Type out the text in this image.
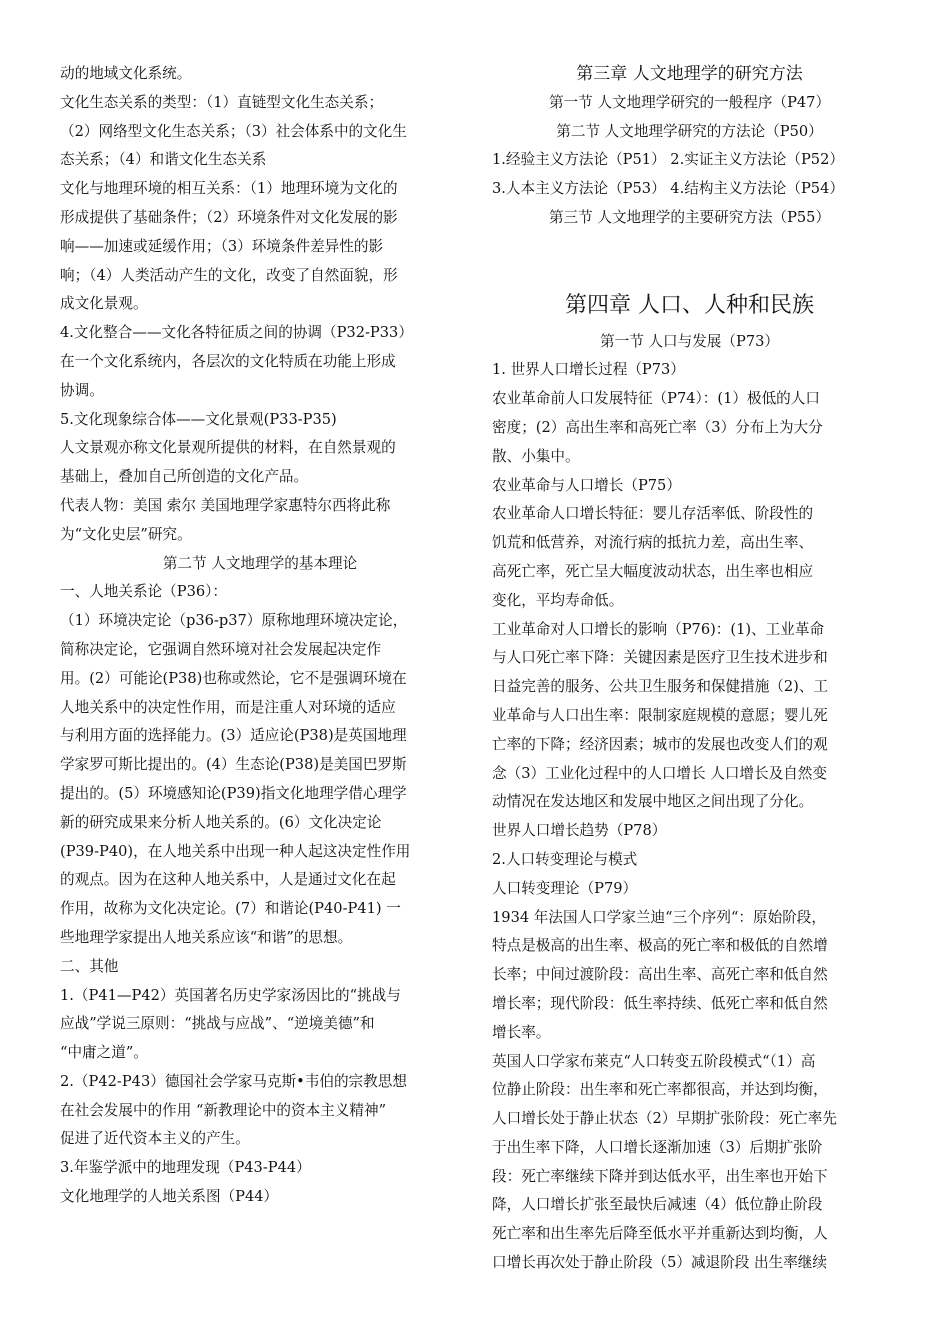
动的地域文化系统。
文化生态关系的类型：（1）直链型文化生态关系；
（2）网络型文化生态关系；（3）社会体系中的文化生
态关系；（4）和谐文化生态关系
文化与地理环境的相互关系：（1）地理环境为文化的
形成提供了基础条件；（2）环境条件对文化发展的影
响——加速或延缓作用；（3）环境条件差异性的影
响；（4）人类活动产生的文化，改变了自然面貌，形
成文化景观。
4.文化整合——文化各特征质之间的协调（P32-P33）
在一个文化系统内，各层次的文化特质在功能上形成
协调。
5.文化现象综合体——文化景观(P33-P35)
人文景观亦称文化景观所提供的材料，在自然景观的
基础上，叠加自己所创造的文化产品。
代表人物：美国 索尔 美国地理学家惠特尔西将此称
为“文化史层”研究。
第二节 人文地理学的基本理论
一、人地关系论（P36）：
（1）环境决定论（p36-p37）原称地理环境决定论，
简称决定论，它强调自然环境对社会发展起决定作
用。(2）可能论(P38)也称或然论，它不是强调环境在
人地关系中的决定性作用，而是注重人对环境的适应
与利用方面的选择能力。(3）适应论(P38)是英国地理
学家罗可斯比提出的。(4）生态论(P38)是美国巴罗斯
提出的。(5）环境感知论(P39)指文化地理学借心理学
新的研究成果来分析人地关系的。(6）文化决定论
(P39-P40)，在人地关系中出现一种人起这决定性作用
的观点。因为在这种人地关系中，人是通过文化在起
作用，故称为文化决定论。(7）和谐论(P40-P41) 一
些地理学家提出人地关系应该“和谐”的思想。
二、其他
1.（P41—P42）英国著名历史学家汤因比的“挑战与
应战”学说三原则：“挑战与应战”、“逆境美德”和
“中庸之道”。
2.（P42-P43）德国社会学家马克斯•韦伯的宗教思想
在社会发展中的作用 “新教理论中的资本主义精神”
促进了近代资本主义的产生。
3.年鉴学派中的地理发现（P43-P44）
文化地理学的人地关系图（P44）
第三章 人文地理学的研究方法
第一节 人文地理学研究的一般程序（P47）
第二节 人文地理学研究的方法论（P50）
1.经验主义方法论（P51） 2.实证主义方法论（P52）
3.人本主义方法论（P53） 4.结构主义方法论（P54）
第三节 人文地理学的主要研究方法（P55）
第四章 人口、人种和民族
第一节 人口与发展（P73）
1. 世界人口增长过程（P73）
农业革命前人口发展特征（P74）：(1）极低的人口
密度；(2）高出生率和高死亡率（3）分布上为大分
散、小集中。
农业革命与人口增长（P75）
农业革命人口增长特征：婴儿存活率低、阶段性的
饥荒和低营养，对流行病的抵抗力差，高出生率、
高死亡率，死亡呈大幅度波动状态，出生率也相应
变化，平均寿命低。
工业革命对人口增长的影响（P76)：(1)、工业革命
与人口死亡率下降：关键因素是医疗卫生技术进步和
日益完善的服务、公共卫生服务和保健措施（2)、工
业革命与人口出生率：限制家庭规模的意愿；婴儿死
亡率的下降；经济因素；城市的发展也改变人们的观
念（3）工业化过程中的人口增长 人口增长及自然变
动情况在发达地区和发展中地区之间出现了分化。
世界人口增长趋势（P78）
2.人口转变理论与模式
人口转变理论（P79）
1934 年法国人口学家兰迪“三个序列“：原始阶段，
特点是极高的出生率、极高的死亡率和极低的自然增
长率；中间过渡阶段：高出生率、高死亡率和低自然
增长率；现代阶段：低生率持续、低死亡率和低自然
增长率。
英国人口学家布莱克“人口转变五阶段模式“（1）高
位静止阶段：出生率和死亡率都很高，并达到均衡，
人口增长处于静止状态（2）早期扩张阶段：死亡率先
于出生率下降，人口增长逐渐加速（3）后期扩张阶
段：死亡率继续下降并到达低水平，出生率也开始下
降，人口增长扩张至最快后减速（4）低位静止阶段
死亡率和出生率先后降至低水平并重新达到均衡，人
口增长再次处于静止阶段（5）减退阶段 出生率继续
